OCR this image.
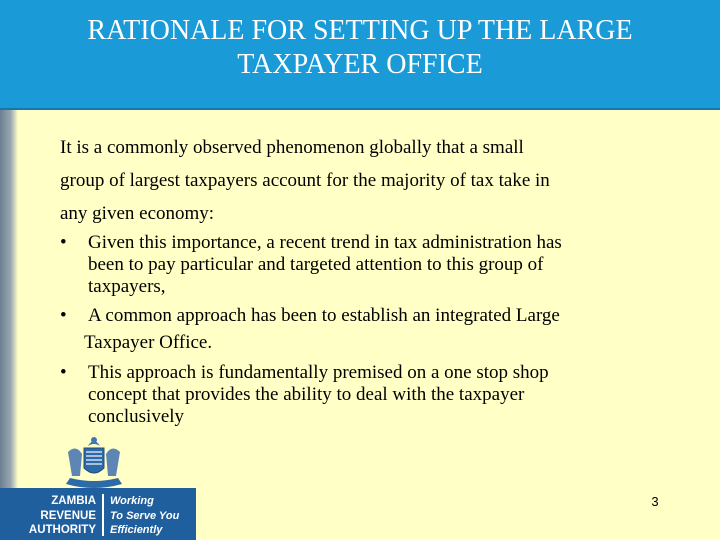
RATIONALE FOR SETTING UP THE LARGE
TAXPAYER OFFICE

It is a commonly observed phenomenon globally that a small
group of largest taxpayers account for the majority of tax take in
any given economy:

• Given this importance, a recent trend in tax administration has
been to pay particular and targeted attention to this group of
taxpayers,
• A common approach has been to establish an integrated Large
Taxpayer Office.
• This approach is fundamentally premised on a one stop shop
concept that provides the ability to deal with the taxpayer
conclusively
3
ZAMBIA
REVENUE
AUTHORITY
Working
To Serve You
Efficiently
